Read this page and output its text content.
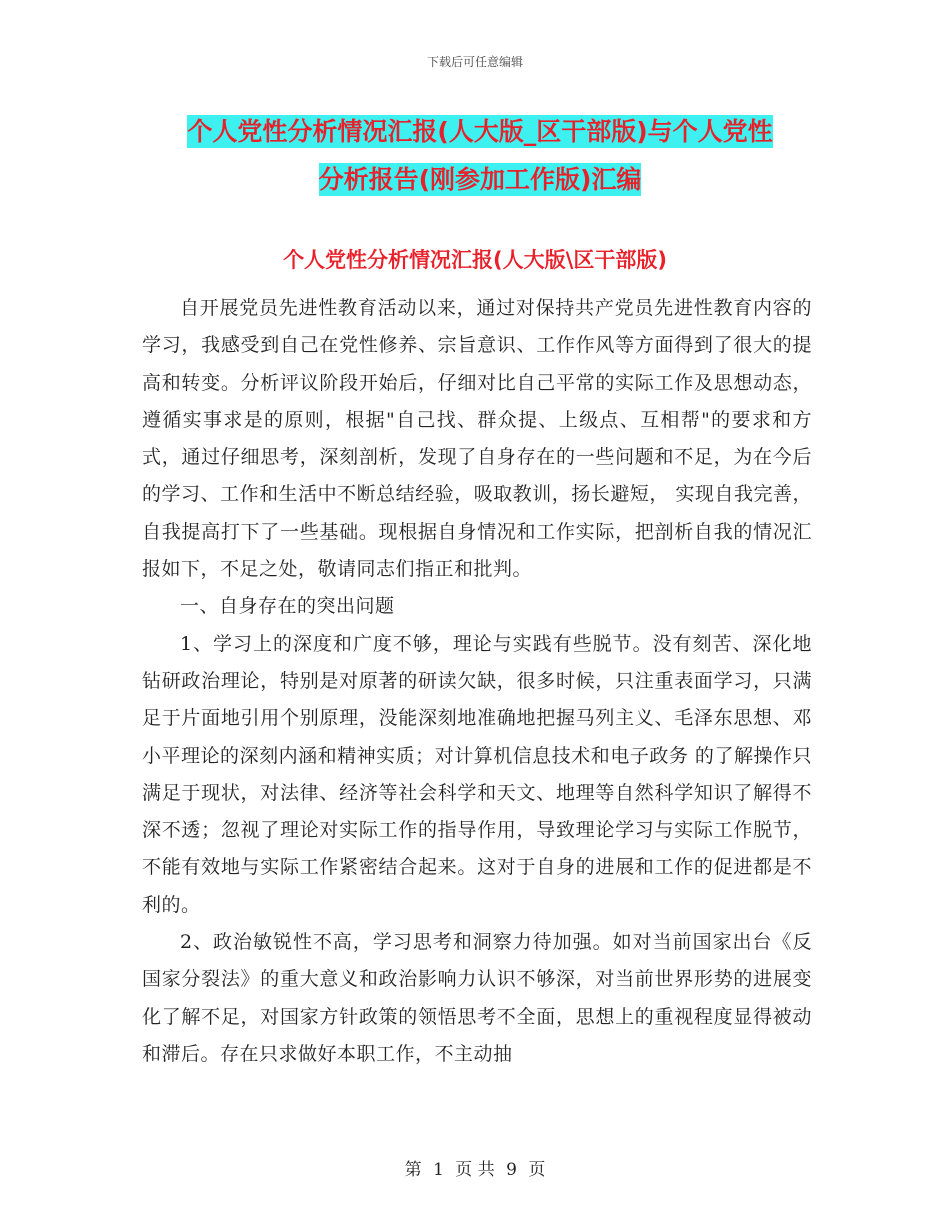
下载后可任意编辑
个人党性分析情况汇报(人大版_区干部版)与个人党性
分析报告(刚参加工作版)汇编
个人党性分析情况汇报(人大版\区干部版)

自开展党员先进性教育活动以来，通过对保持共产党员先进性教育内容的学习，我感受到自己在党性修养、宗旨意识、工作作风等方面得到了很大的提高和转变。分析评议阶段开始后，仔细对比自己平常的实际工作及思想动态，遵循实事求是的原则，根据"自己找、群众提、上级点、互相帮"的要求和方式，通过仔细思考，深刻剖析，发现了自身存在的一些问题和不足，为在今后的学习、工作和生活中不断总结经验，吸取教训，扬长避短， 实现自我完善，自我提高打下了一些基础。现根据自身情况和工作实际，把剖析自我的情况汇报如下，不足之处，敬请同志们指正和批判。

一、自身存在的突出问题

1、学习上的深度和广度不够，理论与实践有些脱节。没有刻苦、深化地钻研政治理论，特别是对原著的研读欠缺，很多时候，只注重表面学习，只满足于片面地引用个别原理，没能深刻地准确地把握马列主义、毛泽东思想、邓小平理论的深刻内涵和精神实质；对计算机信息技术和电子政务 的了解操作只满足于现状，对法律、经济等社会科学和天文、地理等自然科学知识了解得不深不透；忽视了理论对实际工作的指导作用，导致理论学习与实际工作脱节，不能有效地与实际工作紧密结合起来。这对于自身的进展和工作的促进都是不利的。

2、政治敏锐性不高，学习思考和洞察力待加强。如对当前国家出台《反国家分裂法》的重大意义和政治影响力认识不够深，对当前世界形势的进展变化了解不足，对国家方针政策的领悟思考不全面，思想上的重视程度显得被动和滞后。存在只求做好本职工作，不主动抽

第 1 页 共 9 页
